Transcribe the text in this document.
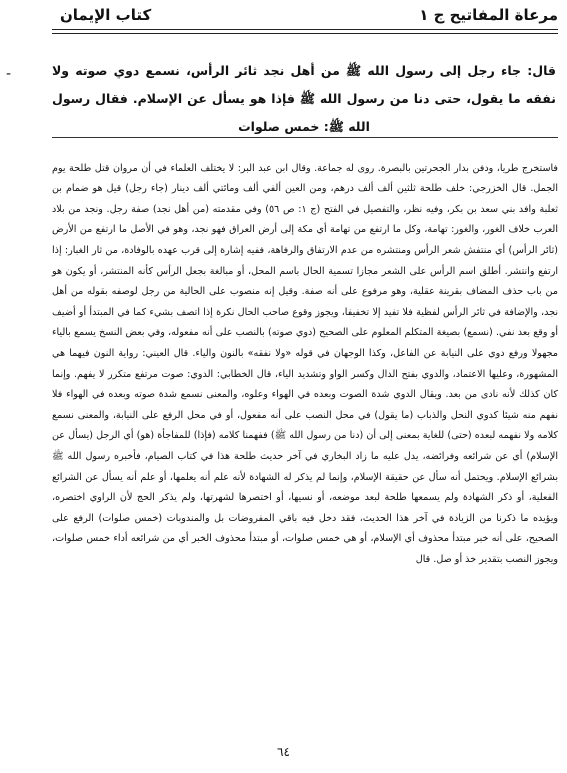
مرعاة المفاتيح ج ١
كتاب الإيمان
-	قال: جاء رجل إلى رسول الله ﷺ من أهل نجد ثائر الرأس، نسمع دوي صوته ولا نفقه ما يقول، حتى دنا من رسول الله ﷺ فإذا هو يسأل عن الإسلام. فقال رسول الله ﷺ: خمس صلوات

فاستخرج طريا، ودفن بدار الجحرتين بالبصرة. روى له جماعة. وقال ابن عبد البر: لا يختلف العلماء في أن مروان قتل طلحة يوم الجمل. قال الخزرجي: خلف طلحة ثلثين ألف ألف درهم، ومن العين ألفي ألف ومائتي ألف دينار (جاء رجل) قيل هو ضمام بن ثعلبة وافد بني سعد بن بكر، وفيه نظر، والتفصيل في الفتح (ج ١: ص ٥٦) وفي مقدمته (من أهل نجد) صفة رجل. ونجد من بلاد العرب خلاف الغور، والغور: تهامة، وكل ما ارتفع من تهامة أي مكة إلى أرض العراق فهو نجد، وهو في الأصل ما ارتفع من الأرض (ثائر الرأس) أي منتفش شعر الرأس ومنتشره من عدم الارتفاق والرفاهة، ففيه إشارة إلى قرب عهده بالوفادة، من ثار الغبار: إذا ارتفع وانتشر. أطلق اسم الرأس على الشعر مجازا تسمية الحال باسم المحل، أو مبالغة بجعل الرأس كأنه المنتشر، أو يكون هو من باب حذف المضاف بقرينة عقلية، وهو مرفوع على أنه صفة. وقيل إنه منصوب على الحالية من رجل لوصفه بقوله من أهل نجد، والإضافة في ثائر الرأس لفظية فلا تفيد إلا تخفيفا، ويجوز وقوع صاحب الحال نكرة إذا اتصف بشيء كما في المبتدأ أو أضيف أو وقع بعد نفي. (نسمع) بصيغة المتكلم المعلوم على الصحيح (دوي صوته) بالنصب على أنه مفعوله، وفي بعض النسخ يسمع بالياء مجهولا ورفع دوي على النيابة عن الفاعل، وكذا الوجهان في قوله «ولا نفقه» بالنون والياء. قال العيني: رواية النون فيهما هي المشهورة، وعليها الاعتماد، والدوي بفتح الدال وكسر الواو وتشديد الياء، قال الخطابي: الدوي: صوت مرتفع متكرر لا يفهم. وإنما كان كذلك لأنه نادى من بعد. ويقال الدوي شدة الصوت وبعده في الهواء وعلوه، والمعنى نسمع شدة صوته وبعده في الهواء فلا نفهم منه شيئا كدوي النحل والذباب (ما يقول) في محل النصب على أنه مفعول، أو في محل الرفع على النيابة، والمعنى نسمع كلامه ولا نفهمه لبعده (حتى) للغاية بمعنى إلى أن (دنا من رسول الله ﷺ) ففهمنا كلامه (فإذا) للمفاجأة (هو) أي الرجل (يسأل عن الإسلام) أي عن شرائعه وفرائضه، يدل عليه ما زاد البخاري في آخر حديث طلحة هذا في كتاب الصيام، فأخبره رسول الله ﷺ بشرائع الإسلام. ويحتمل أنه سأل عن حقيقة الإسلام، وإنما لم يذكر له الشهادة لأنه علم أنه يعلمها، أو علم أنه يسأل عن الشرائع الفعلية، أو ذكر الشهادة ولم يسمعها طلحة لبعد موضعه، أو نسيها، أو اختصرها لشهرتها، ولم يذكر الحج لأن الراوي اختصره، ويؤيده ما ذكرنا من الزيادة في آخر هذا الحديث، فقد دخل فيه باقي المفروضات بل والمندوبات (خمس صلوات) الرفع على الصحيح، على أنه خبر مبتدأ محذوف أي الإسلام، أو هي خمس صلوات، أو مبتدأ محذوف الخبر أي من شرائعه أداء خمس صلوات، ويجوز النصب بتقدير خذ أو صل. قال

٦٤
